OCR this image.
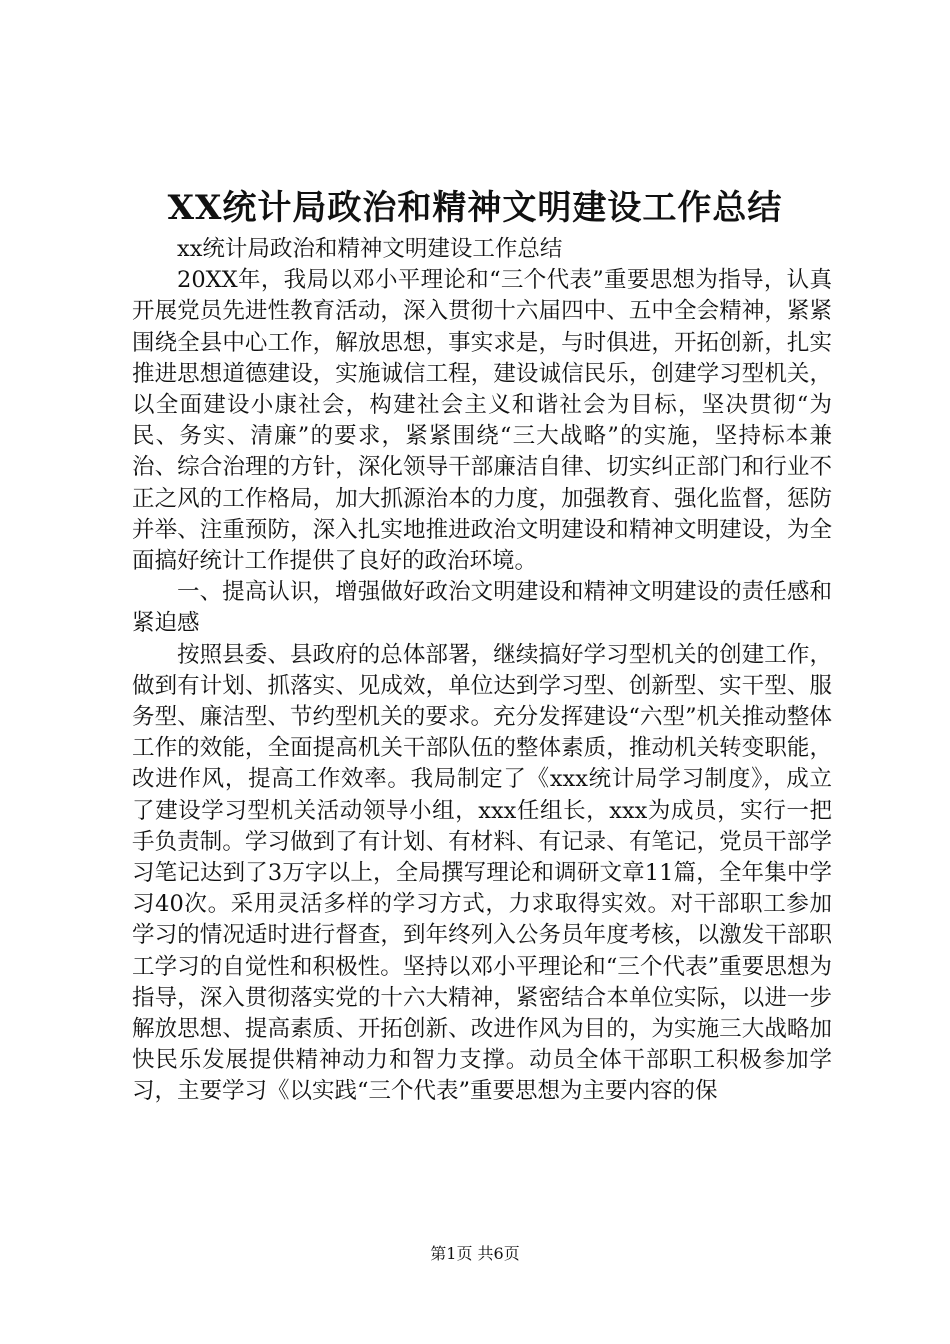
XX统计局政治和精神文明建设工作总结

xx统计局政治和精神文明建设工作总结

20XX年，我局以邓小平理论和“三个代表”重要思想为指导，认真开展党员先进性教育活动，深入贯彻十六届四中、五中全会精神，紧紧围绕全县中心工作，解放思想，事实求是，与时俱进，开拓创新，扎实推进思想道德建设，实施诚信工程，建设诚信民乐，创建学习型机关，以全面建设小康社会，构建社会主义和谐社会为目标，坚决贯彻“为民、务实、清廉”的要求，紧紧围绕“三大战略”的实施，坚持标本兼治、综合治理的方针，深化领导干部廉洁自律、切实纠正部门和行业不正之风的工作格局，加大抓源治本的力度，加强教育、强化监督，惩防并举、注重预防，深入扎实地推进政治文明建设和精神文明建设，为全面搞好统计工作提供了良好的政治环境。

一、提高认识，增强做好政治文明建设和精神文明建设的责任感和紧迫感

按照县委、县政府的总体部署，继续搞好学习型机关的创建工作，做到有计划、抓落实、见成效，单位达到学习型、创新型、实干型、服务型、廉洁型、节约型机关的要求。充分发挥建设“六型”机关推动整体工作的效能，全面提高机关干部队伍的整体素质，推动机关转变职能，改进作风，提高工作效率。我局制定了《xxx统计局学习制度》，成立了建设学习型机关活动领导小组，xxx任组长，xxx为成员，实行一把手负责制。学习做到了有计划、有材料、有记录、有笔记，党员干部学习笔记达到了3万字以上，全局撰写理论和调研文章11篇，全年集中学习40次。采用灵活多样的学习方式，力求取得实效。对干部职工参加学习的情况适时进行督查，到年终列入公务员年度考核，以激发干部职工学习的自觉性和积极性。坚持以邓小平理论和“三个代表”重要思想为指导，深入贯彻落实党的十六大精神，紧密结合本单位实际，以进一步解放思想、提高素质、开拓创新、改进作风为目的，为实施三大战略加快民乐发展提供精神动力和智力支撑。动员全体干部职工积极参加学习，主要学习《以实践“三个代表”重要思想为主要内容的保

第1页 共6页
